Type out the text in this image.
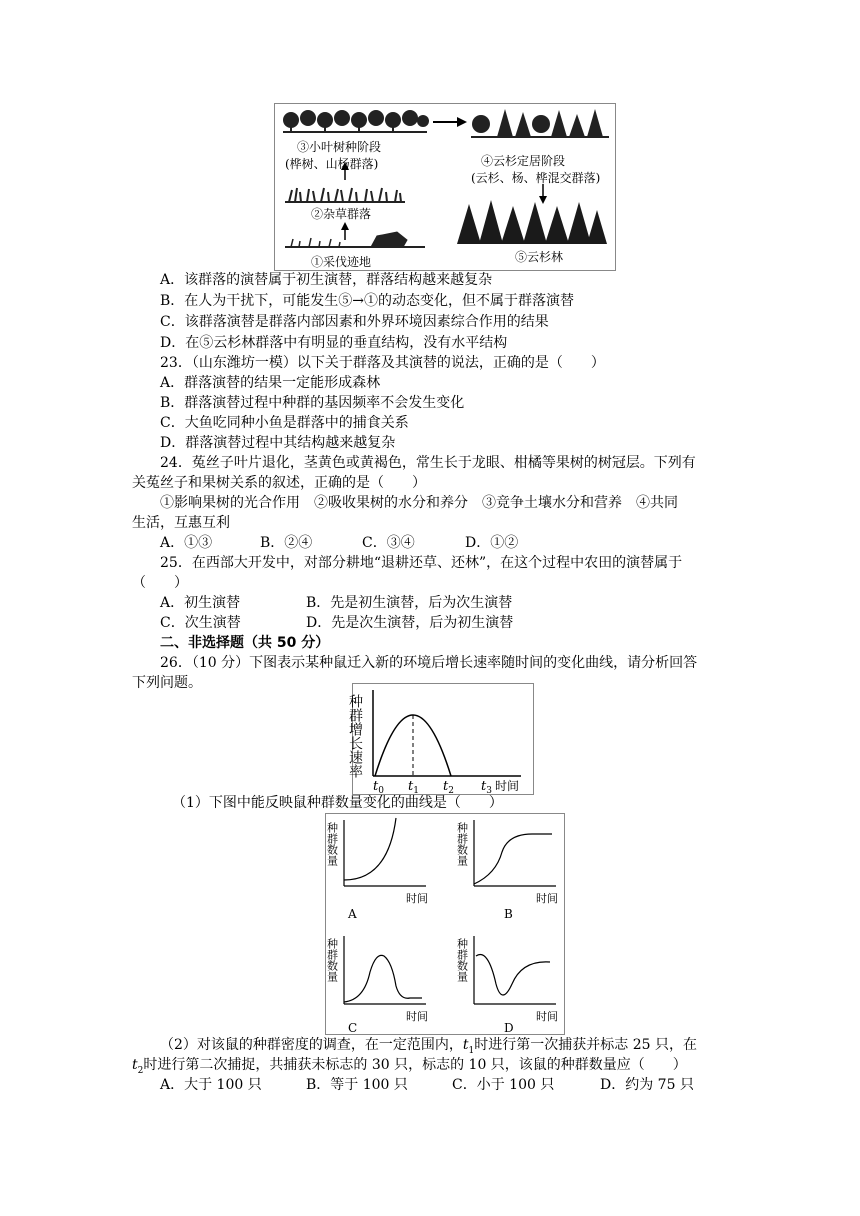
③小叶树种阶段
(桦树、山杨群落)	④云杉定居阶段
(云杉、杨、桦混交群落)
②杂草群落
①采伐迹地	⑤云杉林
A．该群落的演替属于初生演替，群落结构越来越复杂
B．在人为干扰下，可能发生⑤→①的动态变化，但不属于群落演替
C．该群落演替是群落内部因素和外界环境因素综合作用的结果
D．在⑤云杉林群落中有明显的垂直结构，没有水平结构
23．（山东潍坊一模）以下关于群落及其演替的说法，正确的是（　　）
A．群落演替的结果一定能形成森林
B．群落演替过程中种群的基因频率不会发生变化
C．大鱼吃同种小鱼是群落中的捕食关系
D．群落演替过程中其结构越来越复杂
24．菟丝子叶片退化，茎黄色或黄褐色，常生长于龙眼、柑橘等果树的树冠层。下列有
关菟丝子和果树关系的叙述，正确的是（　　）
①影响果树的光合作用　②吸收果树的水分和养分　③竞争土壤水分和营养　④共同
生活，互惠互利
A．①③	B．②④	C．③④	D．①②
25．在西部大开发中，对部分耕地“退耕还草、还林”，在这个过程中农田的演替属于
（　　）
A．初生演替	B．先是初生演替，后为次生演替
C．次生演替	D．先是次生演替，后为初生演替
二、非选择题（共 50 分）
26．（10 分）下图表示某种鼠迁入新的环境后增长速率随时间的变化曲线，请分析回答
下列问题。
种群增长速率
时间
$t_0$ $t_1$ $t_2$ $t_3$
（1）下图中能反映鼠种群数量变化的曲线是（　　）
种群数量
时间
A
种群数量
时间
B
种群数量
时间
C
种群数量
时间
D
（2）对该鼠的种群密度的调查，在一定范围内，$t_1$时进行第一次捕获并标志 25 只，在
$t_2$时进行第二次捕捉，共捕获未标志的 30 只，标志的 10 只，该鼠的种群数量应（　　）
A．大于 100 只	B．等于 100 只	C．小于 100 只	D．约为 75 只
